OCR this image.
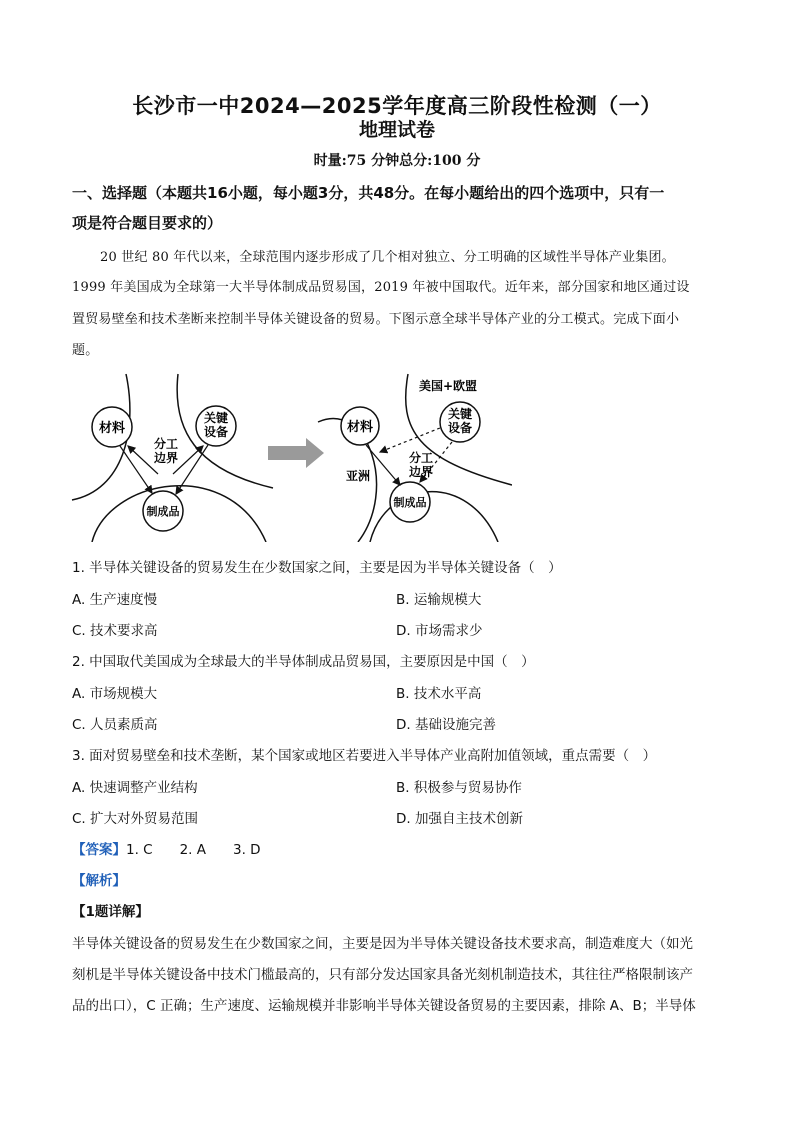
长沙市一中2024—2025学年度高三阶段性检测（一）
地理试卷
时量:75 分钟总分:100 分
一、选择题（本题共16小题，每小题3分，共48分。在每小题给出的四个选项中，只有一
项是符合题目要求的）
20 世纪 80 年代以来，全球范围内逐步形成了几个相对独立、分工明确的区域性半导体产业集团。
1999 年美国成为全球第一大半导体制成品贸易国，2019 年被中国取代。近年来，部分国家和地区通过设
置贸易壁垒和技术垄断来控制半导体关键设备的贸易。下图示意全球半导体产业的分工模式。完成下面小
题。
材料
关键
设备
分工
边界
制成品
美国+欧盟
材料
关键
设备
亚洲
分工
边界
制成品
1. 半导体关键设备的贸易发生在少数国家之间，主要是因为半导体关键设备（　）
A. 生产速度慢	B. 运输规模大
C. 技术要求高	D. 市场需求少
2. 中国取代美国成为全球最大的半导体制成品贸易国，主要原因是中国（　）
A. 市场规模大	B. 技术水平高
C. 人员素质高	D. 基础设施完善
3. 面对贸易壁垒和技术垄断，某个国家或地区若要进入半导体产业高附加值领域，重点需要（　）
A. 快速调整产业结构	B. 积极参与贸易协作
C. 扩大对外贸易范围	D. 加强自主技术创新
【答案】1. C　　2. A　　3. D
【解析】
【1题详解】
半导体关键设备的贸易发生在少数国家之间，主要是因为半导体关键设备技术要求高，制造难度大（如光
刻机是半导体关键设备中技术门槛最高的，只有部分发达国家具备光刻机制造技术，其往往严格限制该产
品的出口），C 正确；生产速度、运输规模并非影响半导体关键设备贸易的主要因素，排除 A、B；半导体
